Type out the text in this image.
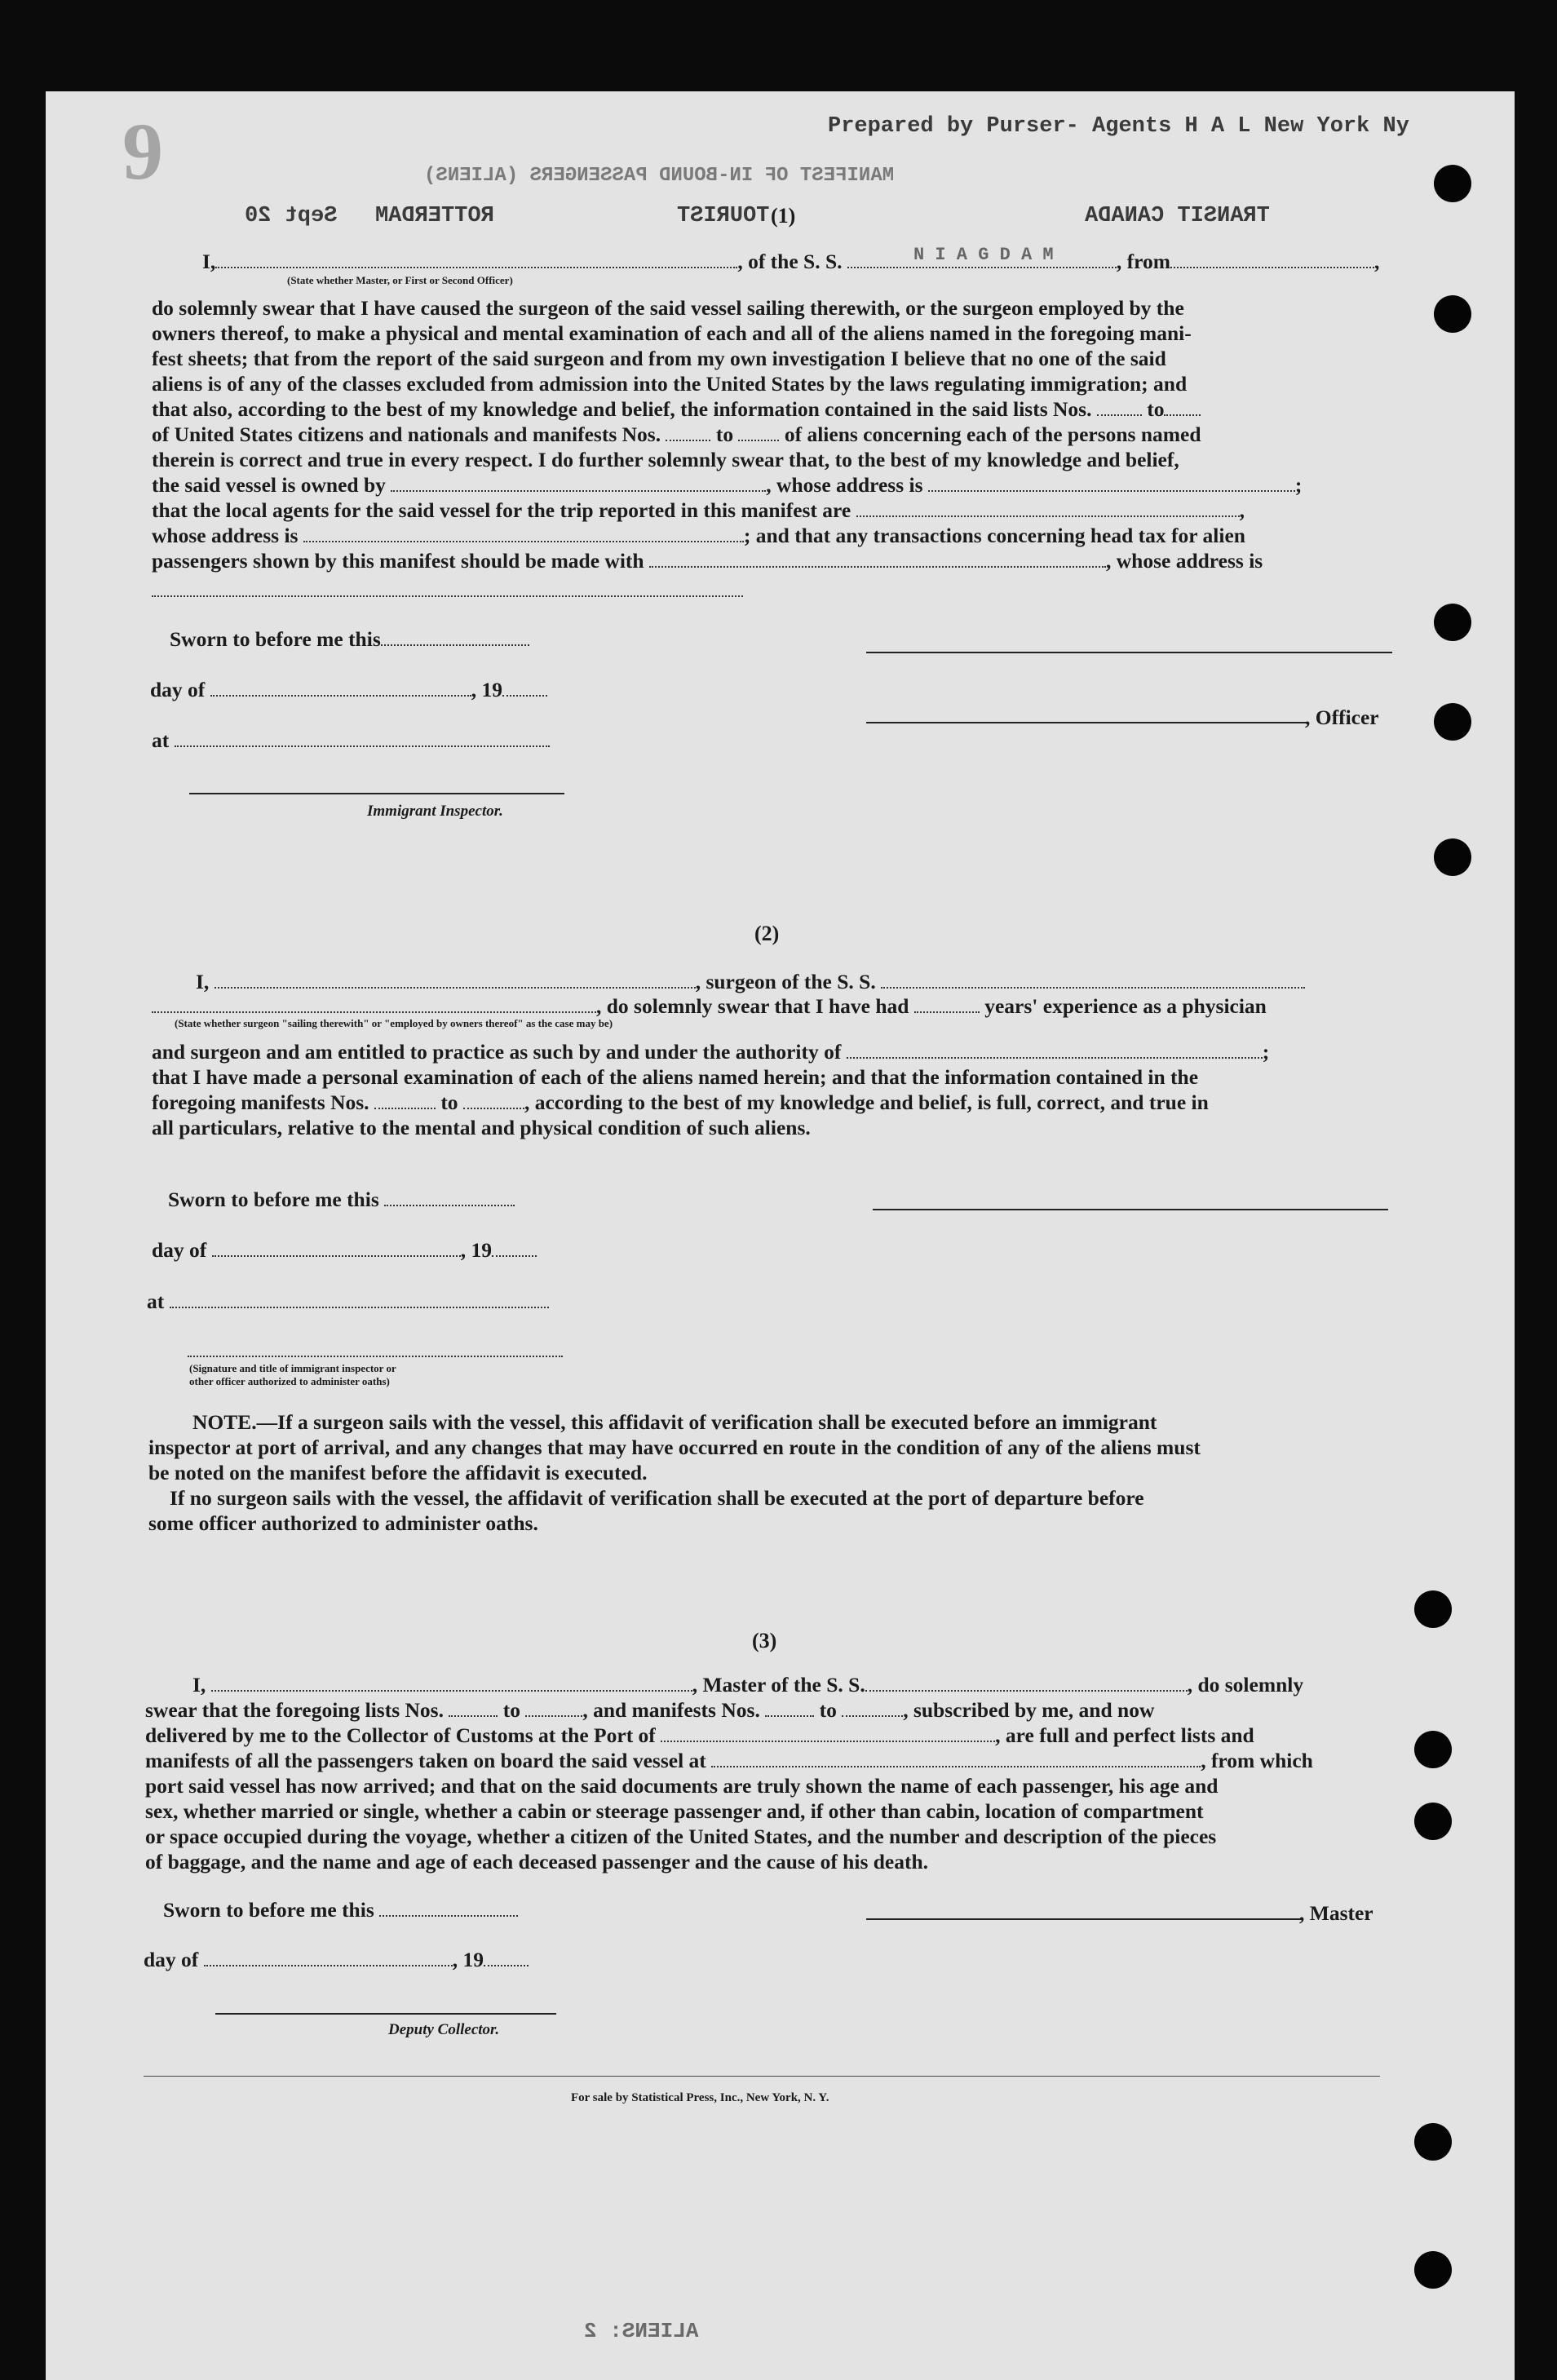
Prepared by Purser- Agents H A L New York Ny
9	MANIFEST OF IN-BOUND PASSENGERS (ALIENS)
Sept 20 ROTTERDAM	TOURIST	TRANSIT CANADA
(1)
I,	, of the S. S.	, from	,
N I A G D A M
(State whether Master, or First or Second Officer)
do solemnly swear that I have caused the surgeon of the said vessel sailing therewith, or the surgeon employed by the
owners thereof, to make a physical and mental examination of each and all of the aliens named in the foregoing mani-
fest sheets; that from the report of the said surgeon and from my own investigation I believe that no one of the said
aliens is of any of the classes excluded from admission into the United States by the laws regulating immigration; and
that also, according to the best of my knowledge and belief, the information contained in the said lists Nos.	to
of United States citizens and nationals and manifests Nos.	to of aliens concerning each of the persons named
therein is correct and true in every respect. I do further solemnly swear that, to the best of my knowledge and belief,
the said vessel is owned by	, whose address is	;
that the local agents for the said vessel for the trip reported in this manifest are	,
whose address is	; and that any transactions concerning head tax for alien
passengers shown by this manifest should be made with	, whose address is
Sworn to before me this
day of	, 19
, Officer
at
Immigrant Inspector.
(2)
I,	, surgeon of the S. S.
, do solemnly swear that I have had	years' experience as a physician
(State whether surgeon "sailing therewith" or "employed by owners thereof" as the case may be)
and surgeon and am entitled to practice as such by and under the authority of	;
that I have made a personal examination of each of the aliens named herein; and that the information contained in the
foregoing manifests Nos.	to	, according to the best of my knowledge and belief, is full, correct, and true in
all particulars, relative to the mental and physical condition of such aliens.
Sworn to before me this
day of	, 19
at
(Signature and title of immigrant inspector or
other officer authorized to administer oaths)
NOTE.—If a surgeon sails with the vessel, this affidavit of verification shall be executed before an immigrant
inspector at port of arrival, and any changes that may have occurred en route in the condition of any of the aliens must
be noted on the manifest before the affidavit is executed.
If no surgeon sails with the vessel, the affidavit of verification shall be executed at the port of departure before
some officer authorized to administer oaths.
(3)
I,	, Master of the S. S.	, do solemnly
swear that the foregoing lists Nos.	to	, and manifests Nos.	to	, subscribed by me, and now
delivered by me to the Collector of Customs at the Port of	, are full and perfect lists and
manifests of all the passengers taken on board the said vessel at	, from which
port said vessel has now arrived; and that on the said documents are truly shown the name of each passenger, his age and
sex, whether married or single, whether a cabin or steerage passenger and, if other than cabin, location of compartment
or space occupied during the voyage, whether a citizen of the United States, and the number and description of the pieces
of baggage, and the name and age of each deceased passenger and the cause of his death.
Sworn to before me this	, Master
day of	, 19
Deputy Collector.
For sale by Statistical Press, Inc., New York, N. Y.
ALIENS: 2
